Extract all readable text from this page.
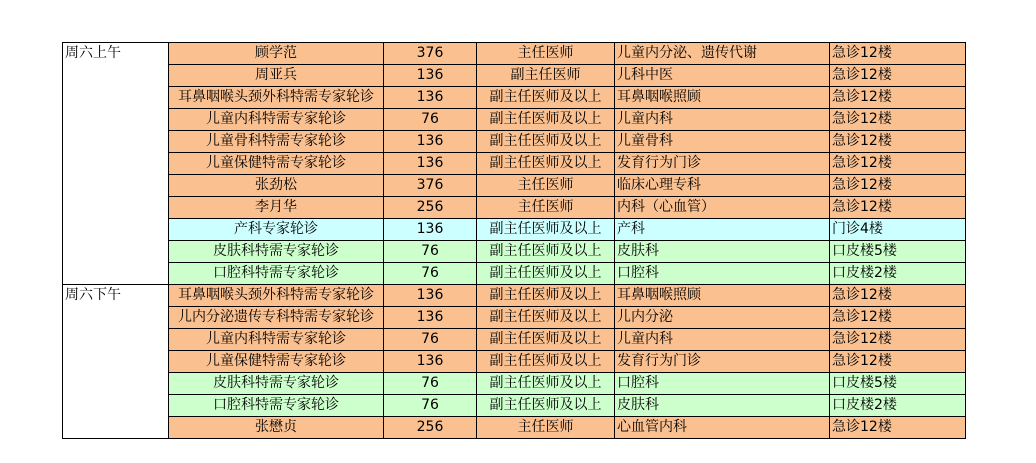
周六上午	顾学范	376	主任医师	儿童内分泌、遗传代谢	急诊12楼
	周亚兵	136	副主任医师	儿科中医	急诊12楼
	耳鼻咽喉头颈外科特需专家轮诊	136	副主任医师及以上	耳鼻咽喉照顾	急诊12楼
	儿童内科特需专家轮诊	76	副主任医师及以上	儿童内科	急诊12楼
	儿童骨科特需专家轮诊	136	副主任医师及以上	儿童骨科	急诊12楼
	儿童保健特需专家轮诊	136	副主任医师及以上	发育行为门诊	急诊12楼
	张劲松	376	主任医师	临床心理专科	急诊12楼
	李月华	256	主任医师	内科（心血管）	急诊12楼
	产科专家轮诊	136	副主任医师及以上	产科	门诊4楼
	皮肤科特需专家轮诊	76	副主任医师及以上	皮肤科	口皮楼5楼
	口腔科特需专家轮诊	76	副主任医师及以上	口腔科	口皮楼2楼
周六下午	耳鼻咽喉头颈外科特需专家轮诊	136	副主任医师及以上	耳鼻咽喉照顾	急诊12楼
	儿内分泌遗传专科特需专家轮诊	136	副主任医师及以上	儿内分泌	急诊12楼
	儿童内科特需专家轮诊	76	副主任医师及以上	儿童内科	急诊12楼
	儿童保健特需专家轮诊	136	副主任医师及以上	发育行为门诊	急诊12楼
	皮肤科特需专家轮诊	76	副主任医师及以上	口腔科	口皮楼5楼
	口腔科特需专家轮诊	76	副主任医师及以上	皮肤科	口皮楼2楼
	张懋贞	256	主任医师	心血管内科	急诊12楼
